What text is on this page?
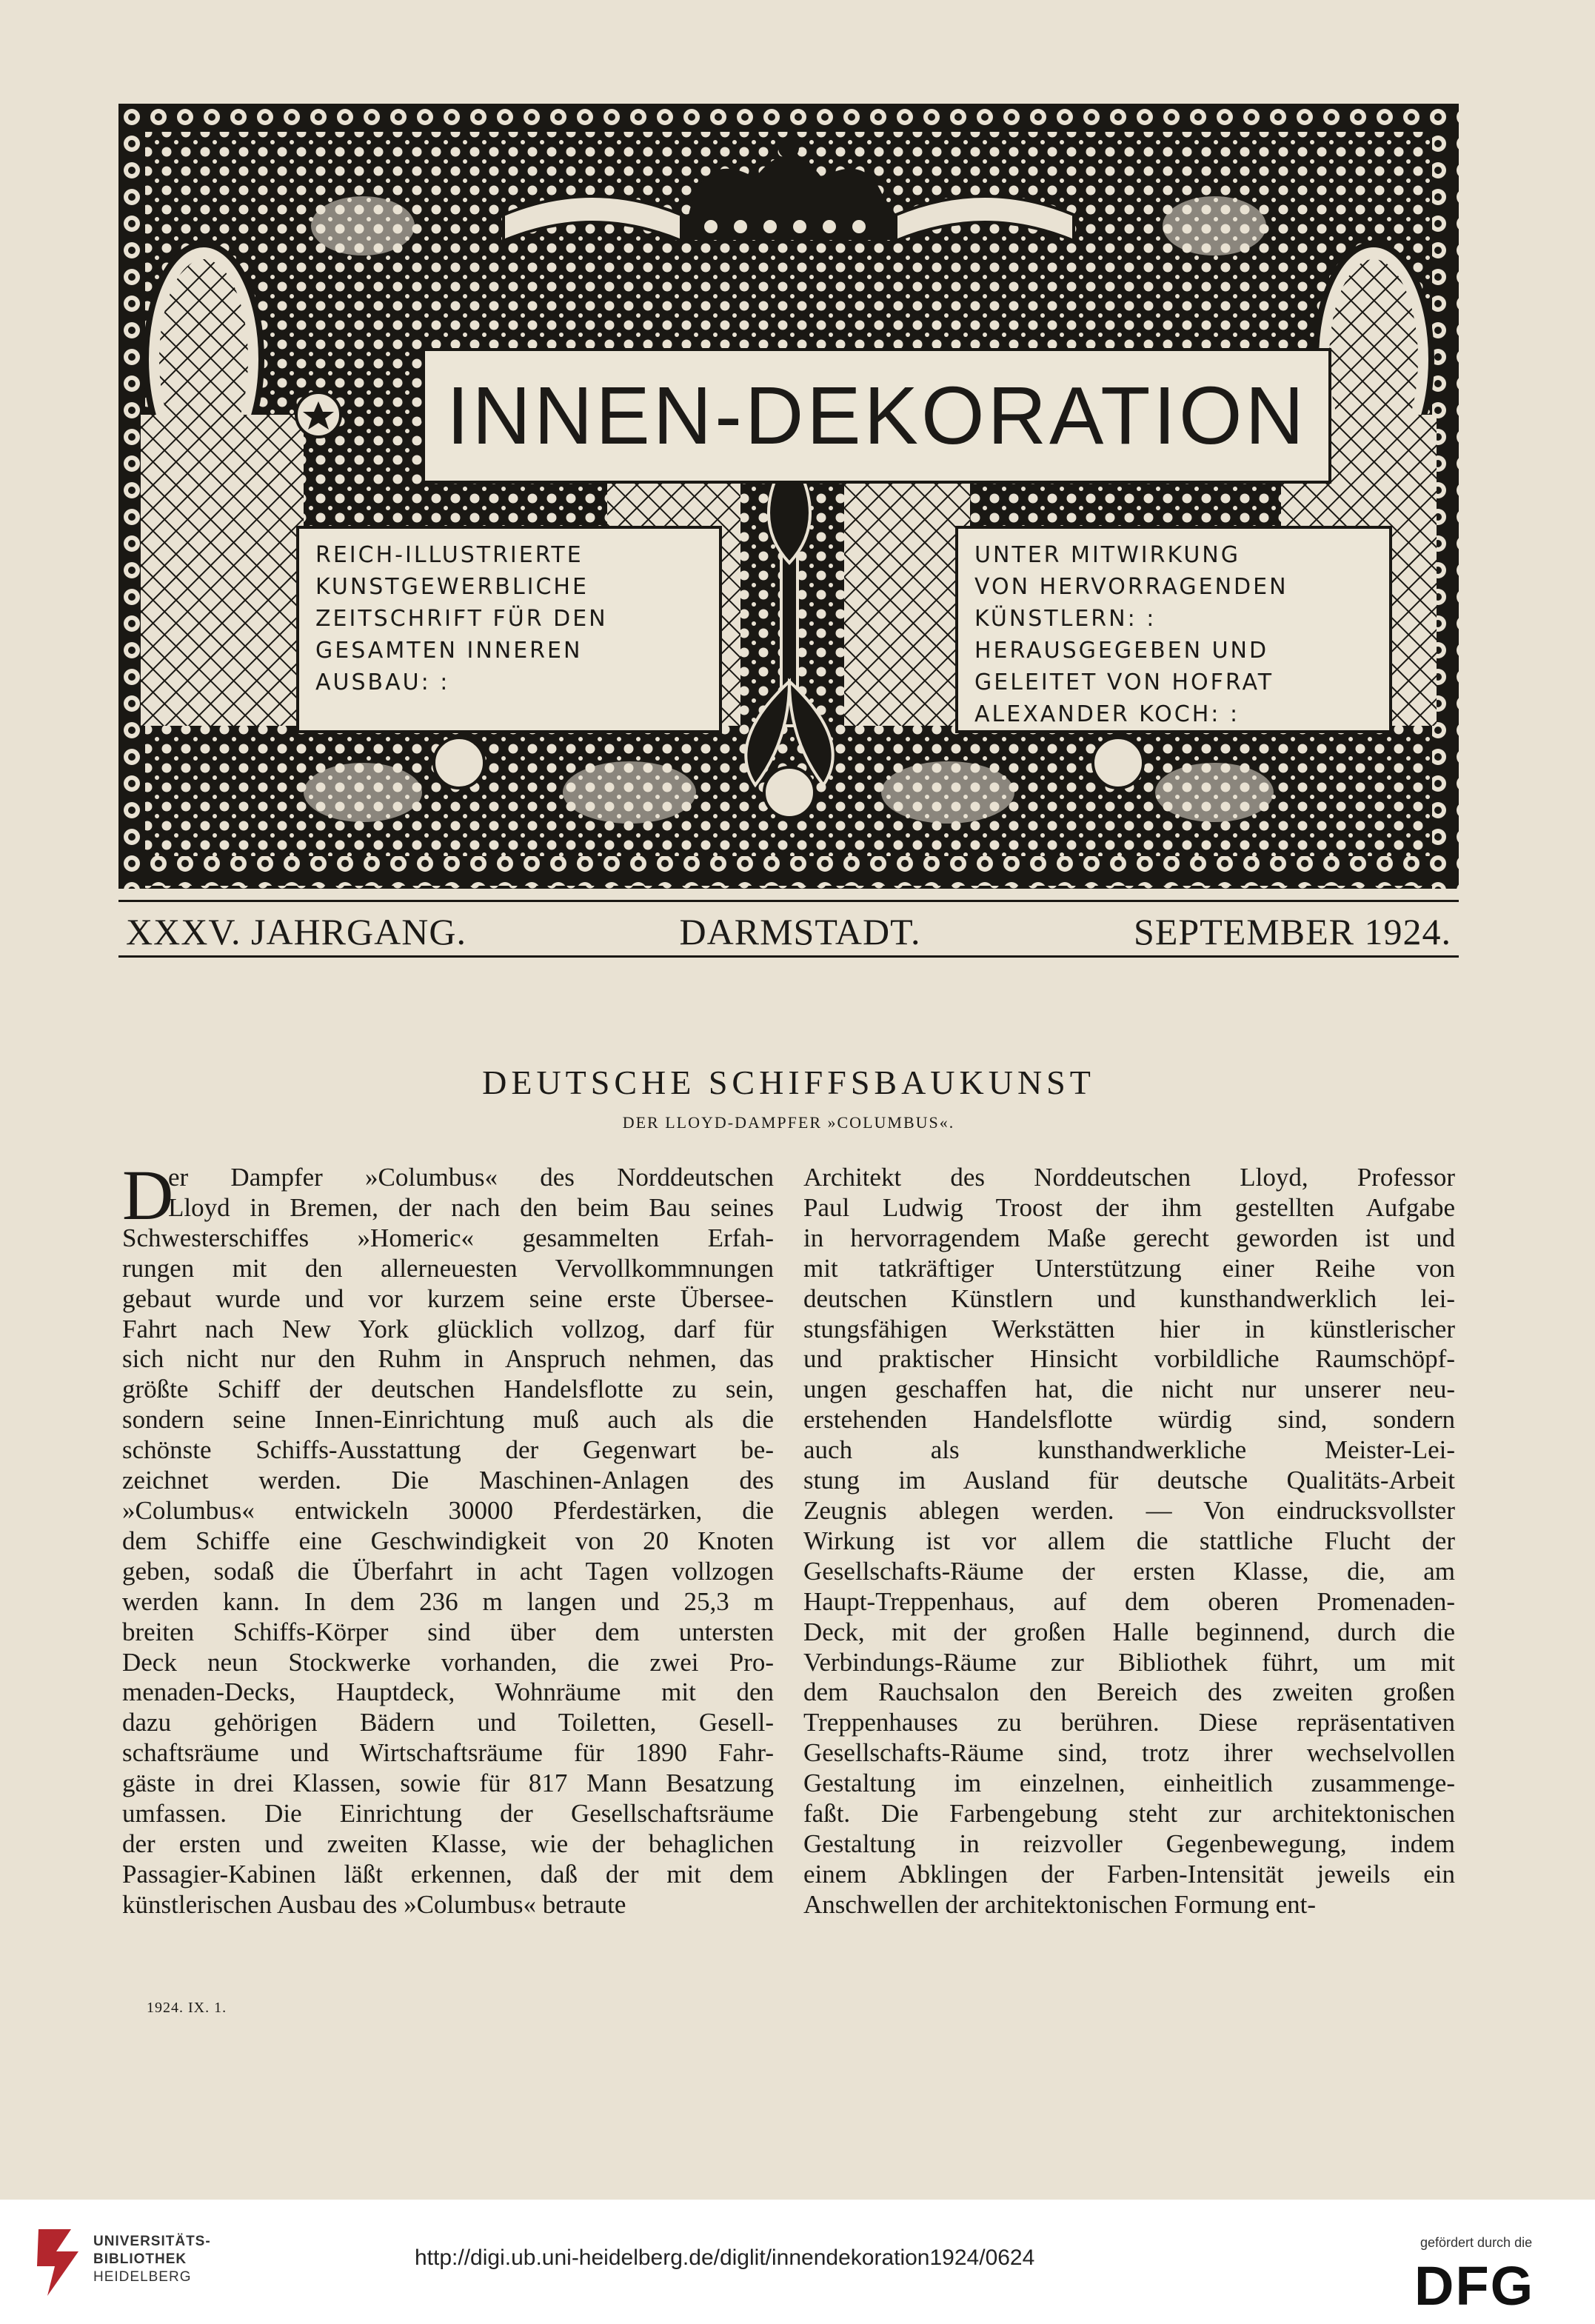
INNEN-DEKORATION
REICH-ILLUSTRIERTE
KUNSTGEWERBLICHE
ZEITSCHRIFT FÜR DEN
GESAMTEN INNEREN
AUSBAU: :
UNTER MITWIRKUNG
VON HERVORRAGENDEN
KÜNSTLERN: :
HERAUSGEGEBEN UND
GELEITET VON HOFRAT
ALEXANDER KOCH: :
XXXV. JAHRGANG.	DARMSTADT.	SEPTEMBER 1924.
DEUTSCHE SCHIFFSBAUKUNST
DER LLOYD-DAMPFER »COLUMBUS«.
D
er Dampfer »Columbus« des Norddeutschen
Lloyd in Bremen, der nach den beim Bau seines
Schwesterschiffes »Homeric« gesammelten Erfah-
rungen mit den allerneuesten Vervollkommnungen
gebaut wurde und vor kurzem seine erste Übersee-
Fahrt nach New York glücklich vollzog, darf für
sich nicht nur den Ruhm in Anspruch nehmen, das
größte Schiff der deutschen Handelsflotte zu sein,
sondern seine Innen-Einrichtung muß auch als die
schönste Schiffs-Ausstattung der Gegenwart be-
zeichnet werden. Die Maschinen-Anlagen des
»Columbus« entwickeln 30000 Pferdestärken, die
dem Schiffe eine Geschwindigkeit von 20 Knoten
geben, sodaß die Überfahrt in acht Tagen vollzogen
werden kann. In dem 236 m langen und 25,3 m
breiten Schiffs-Körper sind über dem untersten
Deck neun Stockwerke vorhanden, die zwei Pro-
menaden-Decks, Hauptdeck, Wohnräume mit den
dazu gehörigen Bädern und Toiletten, Gesell-
schaftsräume und Wirtschaftsräume für 1890 Fahr-
gäste in drei Klassen, sowie für 817 Mann Besatzung
umfassen. Die Einrichtung der Gesellschaftsräume
der ersten und zweiten Klasse, wie der behaglichen
Passagier-Kabinen läßt erkennen, daß der mit dem
künstlerischen Ausbau des »Columbus« betraute
Architekt des Norddeutschen Lloyd, Professor
Paul Ludwig Troost der ihm gestellten Aufgabe
in hervorragendem Maße gerecht geworden ist und
mit tatkräftiger Unterstützung einer Reihe von
deutschen Künstlern und kunsthandwerklich lei-
stungsfähigen Werkstätten hier in künstlerischer
und praktischer Hinsicht vorbildliche Raumschöpf-
ungen geschaffen hat, die nicht nur unserer neu-
erstehenden Handelsflotte würdig sind, sondern
auch als kunsthandwerkliche Meister-Lei-
stung im Ausland für deutsche Qualitäts-Arbeit
Zeugnis ablegen werden. — Von eindrucksvollster
Wirkung ist vor allem die stattliche Flucht der
Gesellschafts-Räume der ersten Klasse, die, am
Haupt-Treppenhaus, auf dem oberen Promenaden-
Deck, mit der großen Halle beginnend, durch die
Verbindungs-Räume zur Bibliothek führt, um mit
dem Rauchsalon den Bereich des zweiten großen
Treppenhauses zu berühren. Diese repräsentativen
Gesellschafts-Räume sind, trotz ihrer wechselvollen
Gestaltung im einzelnen, einheitlich zusammenge-
faßt. Die Farbengebung steht zur architektonischen
Gestaltung in reizvoller Gegenbewegung, indem
einem Abklingen der Farben-Intensität jeweils ein
Anschwellen der architektonischen Formung ent-
1924. IX. 1.
UNIVERSITÄTS-
BIBLIOTHEK
HEIDELBERG
http://digi.ub.uni-heidelberg.de/diglit/innendekoration1924/0624
gefördert durch die
DFG
